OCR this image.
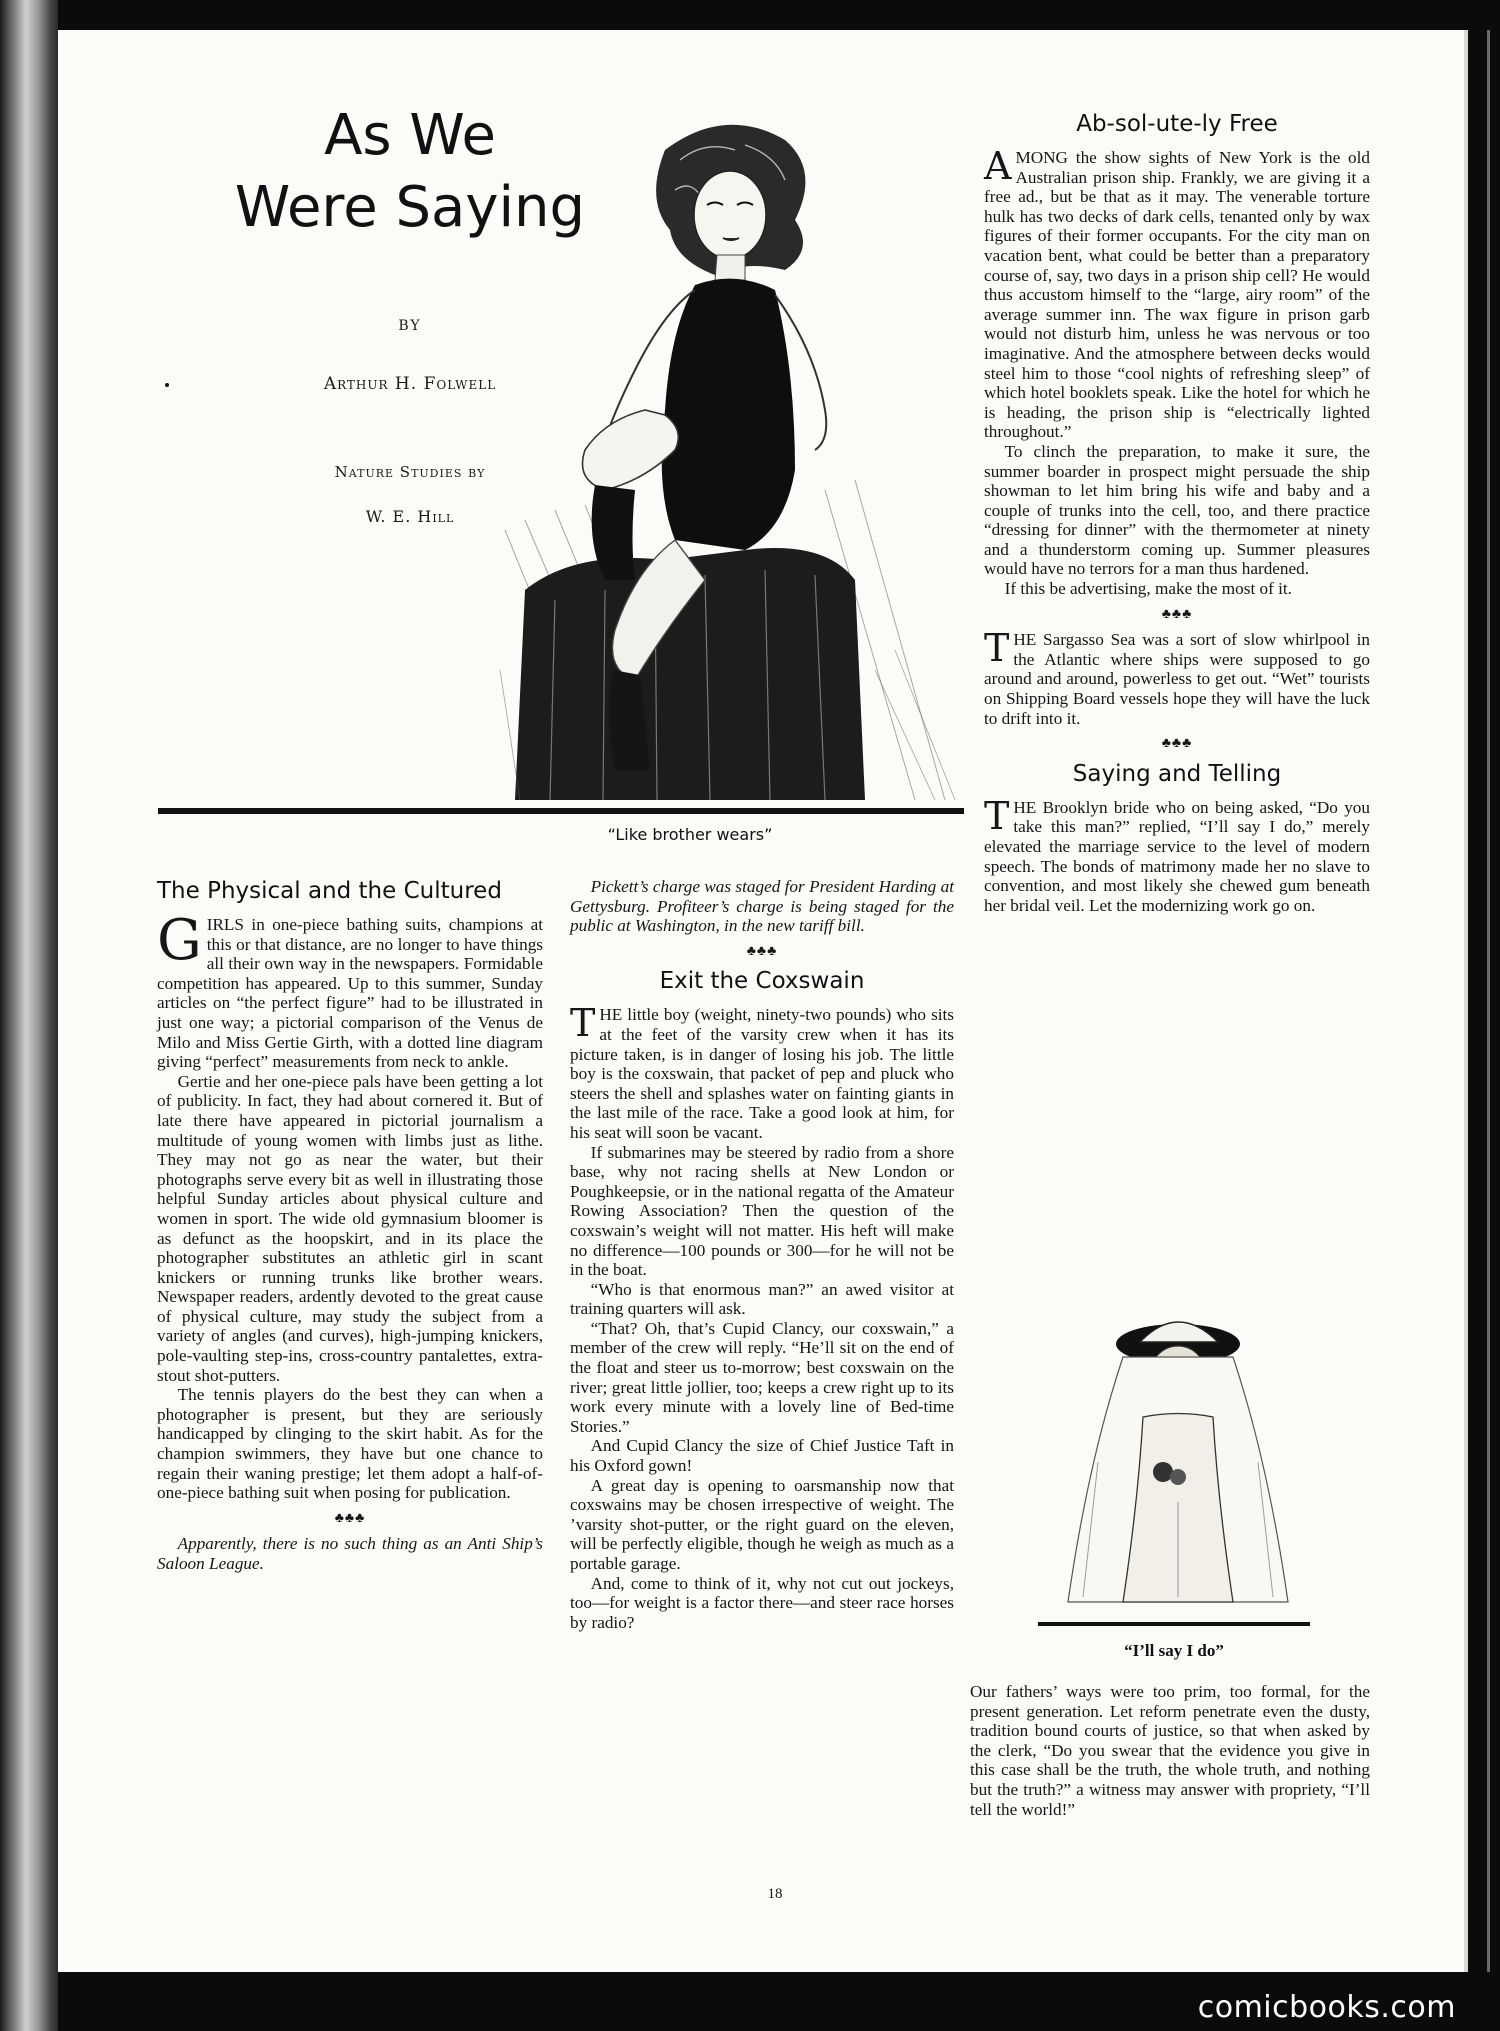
As We
Were Saying
BY
Arthur H. Folwell
Nature Studies by
W. E. Hill
“Like brother wears”
The Physical and the Cultured

GIRLS in one-piece bathing suits, champions at this or that distance, are no longer to have things all their own way in the newspapers. Formidable competition has appeared. Up to this summer, Sunday articles on “the perfect figure” had to be illustrated in just one way; a pictorial comparison of the Venus de Milo and Miss Gertie Girth, with a dotted line diagram giving “perfect” measurements from neck to ankle.

Gertie and her one-piece pals have been getting a lot of publicity. In fact, they had about cornered it. But of late there have appeared in pictorial journalism a multitude of young women with limbs just as lithe. They may not go as near the water, but their photographs serve every bit as well in illustrating those helpful Sunday articles about physical culture and women in sport. The wide old gymnasium bloomer is as defunct as the hoopskirt, and in its place the photographer substitutes an athletic girl in scant knickers or running trunks like brother wears. Newspaper readers, ardently devoted to the great cause of physical culture, may study the subject from a variety of angles (and curves), high-jumping knickers, pole-vaulting step-ins, cross-country pantalettes, extra-stout shot-putters.

The tennis players do the best they can when a photographer is present, but they are seriously handicapped by clinging to the skirt habit. As for the champion swimmers, they have but one chance to regain their waning prestige; let them adopt a half-of-one-piece bathing suit when posing for publication.

♣♣♣

Apparently, there is no such thing as an Anti Ship’s Saloon League.

Pickett’s charge was staged for President Harding at Gettysburg. Profiteer’s charge is being staged for the public at Washington, in the new tariff bill.

♣♣♣
Exit the Coxswain

THE little boy (weight, ninety-two pounds) who sits at the feet of the varsity crew when it has its picture taken, is in danger of losing his job. The little boy is the coxswain, that packet of pep and pluck who steers the shell and splashes water on fainting giants in the last mile of the race. Take a good look at him, for his seat will soon be vacant.

If submarines may be steered by radio from a shore base, why not racing shells at New London or Poughkeepsie, or in the national regatta of the Amateur Rowing Association? Then the question of the coxswain’s weight will not matter. His heft will make no difference—100 pounds or 300—for he will not be in the boat.

“Who is that enormous man?” an awed visitor at training quarters will ask.

“That? Oh, that’s Cupid Clancy, our coxswain,” a member of the crew will reply. “He’ll sit on the end of the float and steer us to-morrow; best coxswain on the river; great little jollier, too; keeps a crew right up to its work every minute with a lovely line of Bed-time Stories.”

And Cupid Clancy the size of Chief Justice Taft in his Oxford gown!

A great day is opening to oarsmanship now that coxswains may be chosen irrespective of weight. The ’varsity shot-putter, or the right guard on the eleven, will be perfectly eligible, though he weigh as much as a portable garage.

And, come to think of it, why not cut out jockeys, too—for weight is a factor there—and steer race horses by radio?

Ab-sol-ute-ly Free

AMONG the show sights of New York is the old Australian prison ship. Frankly, we are giving it a free ad., but be that as it may. The venerable torture hulk has two decks of dark cells, tenanted only by wax figures of their former occupants. For the city man on vacation bent, what could be better than a preparatory course of, say, two days in a prison ship cell? He would thus accustom himself to the “large, airy room” of the average summer inn. The wax figure in prison garb would not disturb him, unless he was nervous or too imaginative. And the atmosphere between decks would steel him to those “cool nights of refreshing sleep” of which hotel booklets speak. Like the hotel for which he is heading, the prison ship is “electrically lighted throughout.”

To clinch the preparation, to make it sure, the summer boarder in prospect might persuade the ship showman to let him bring his wife and baby and a couple of trunks into the cell, too, and there practice “dressing for dinner” with the thermometer at ninety and a thunderstorm coming up. Summer pleasures would have no terrors for a man thus hardened.

If this be advertising, make the most of it.

♣♣♣

THE Sargasso Sea was a sort of slow whirlpool in the Atlantic where ships were supposed to go around and around, powerless to get out. “Wet” tourists on Shipping Board vessels hope they will have the luck to drift into it.

♣♣♣
Saying and Telling

THE Brooklyn bride who on being asked, “Do you take this man?” replied, “I’ll say I do,” merely elevated the marriage service to the level of modern speech. The bonds of matrimony made her no slave to convention, and most likely she chewed gum beneath her bridal veil. Let the modernizing work go on.

“I’ll say I do”

Our fathers’ ways were too prim, too formal, for the present generation. Let reform penetrate even the dusty, tradition bound courts of justice, so that when asked by the clerk, “Do you swear that the evidence you give in this case shall be the truth, the whole truth, and nothing but the truth?” a witness may answer with propriety, “I’ll tell the world!”

18
comicbooks.com
